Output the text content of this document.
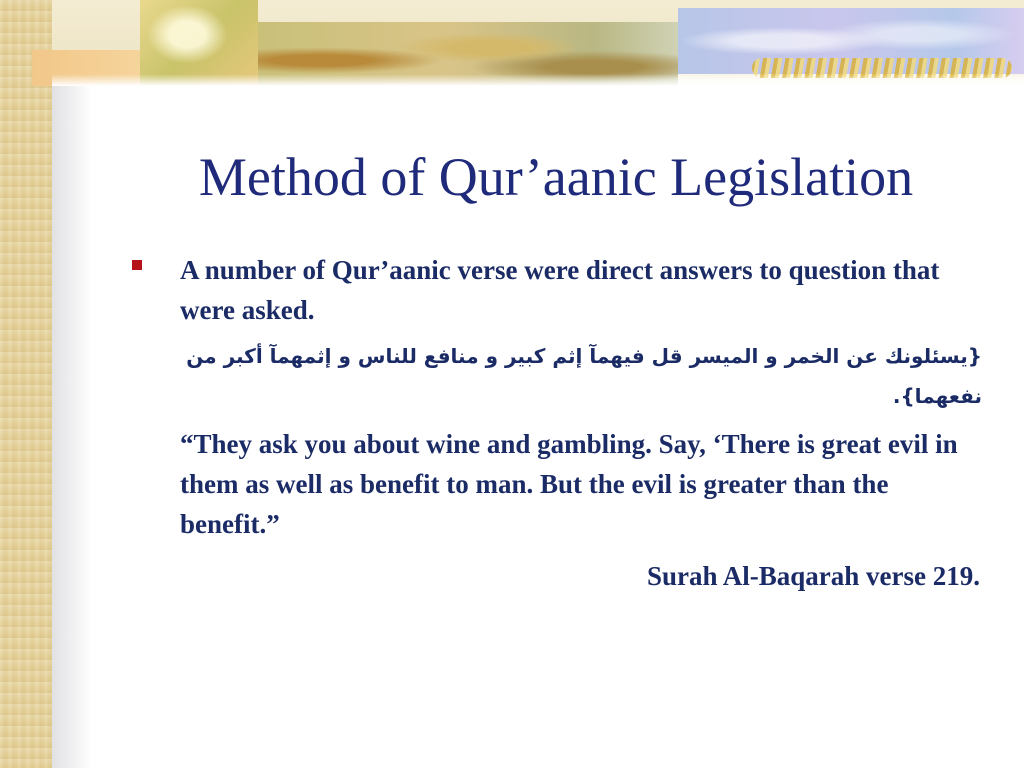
Method of Qur’aanic Legislation
A number of Qur’aanic verse were direct answers to question that were asked.
{يسئلونك عن الخمر و الميسر قل فيهمآ إثم كبير و منافع للناس و إثمهمآ أكبر من نفعهما}.
“They ask you about wine and gambling. Say, ‘There is great evil in them as well as benefit to man. But the evil is greater than the benefit.”
Surah Al-Baqarah verse 219.
